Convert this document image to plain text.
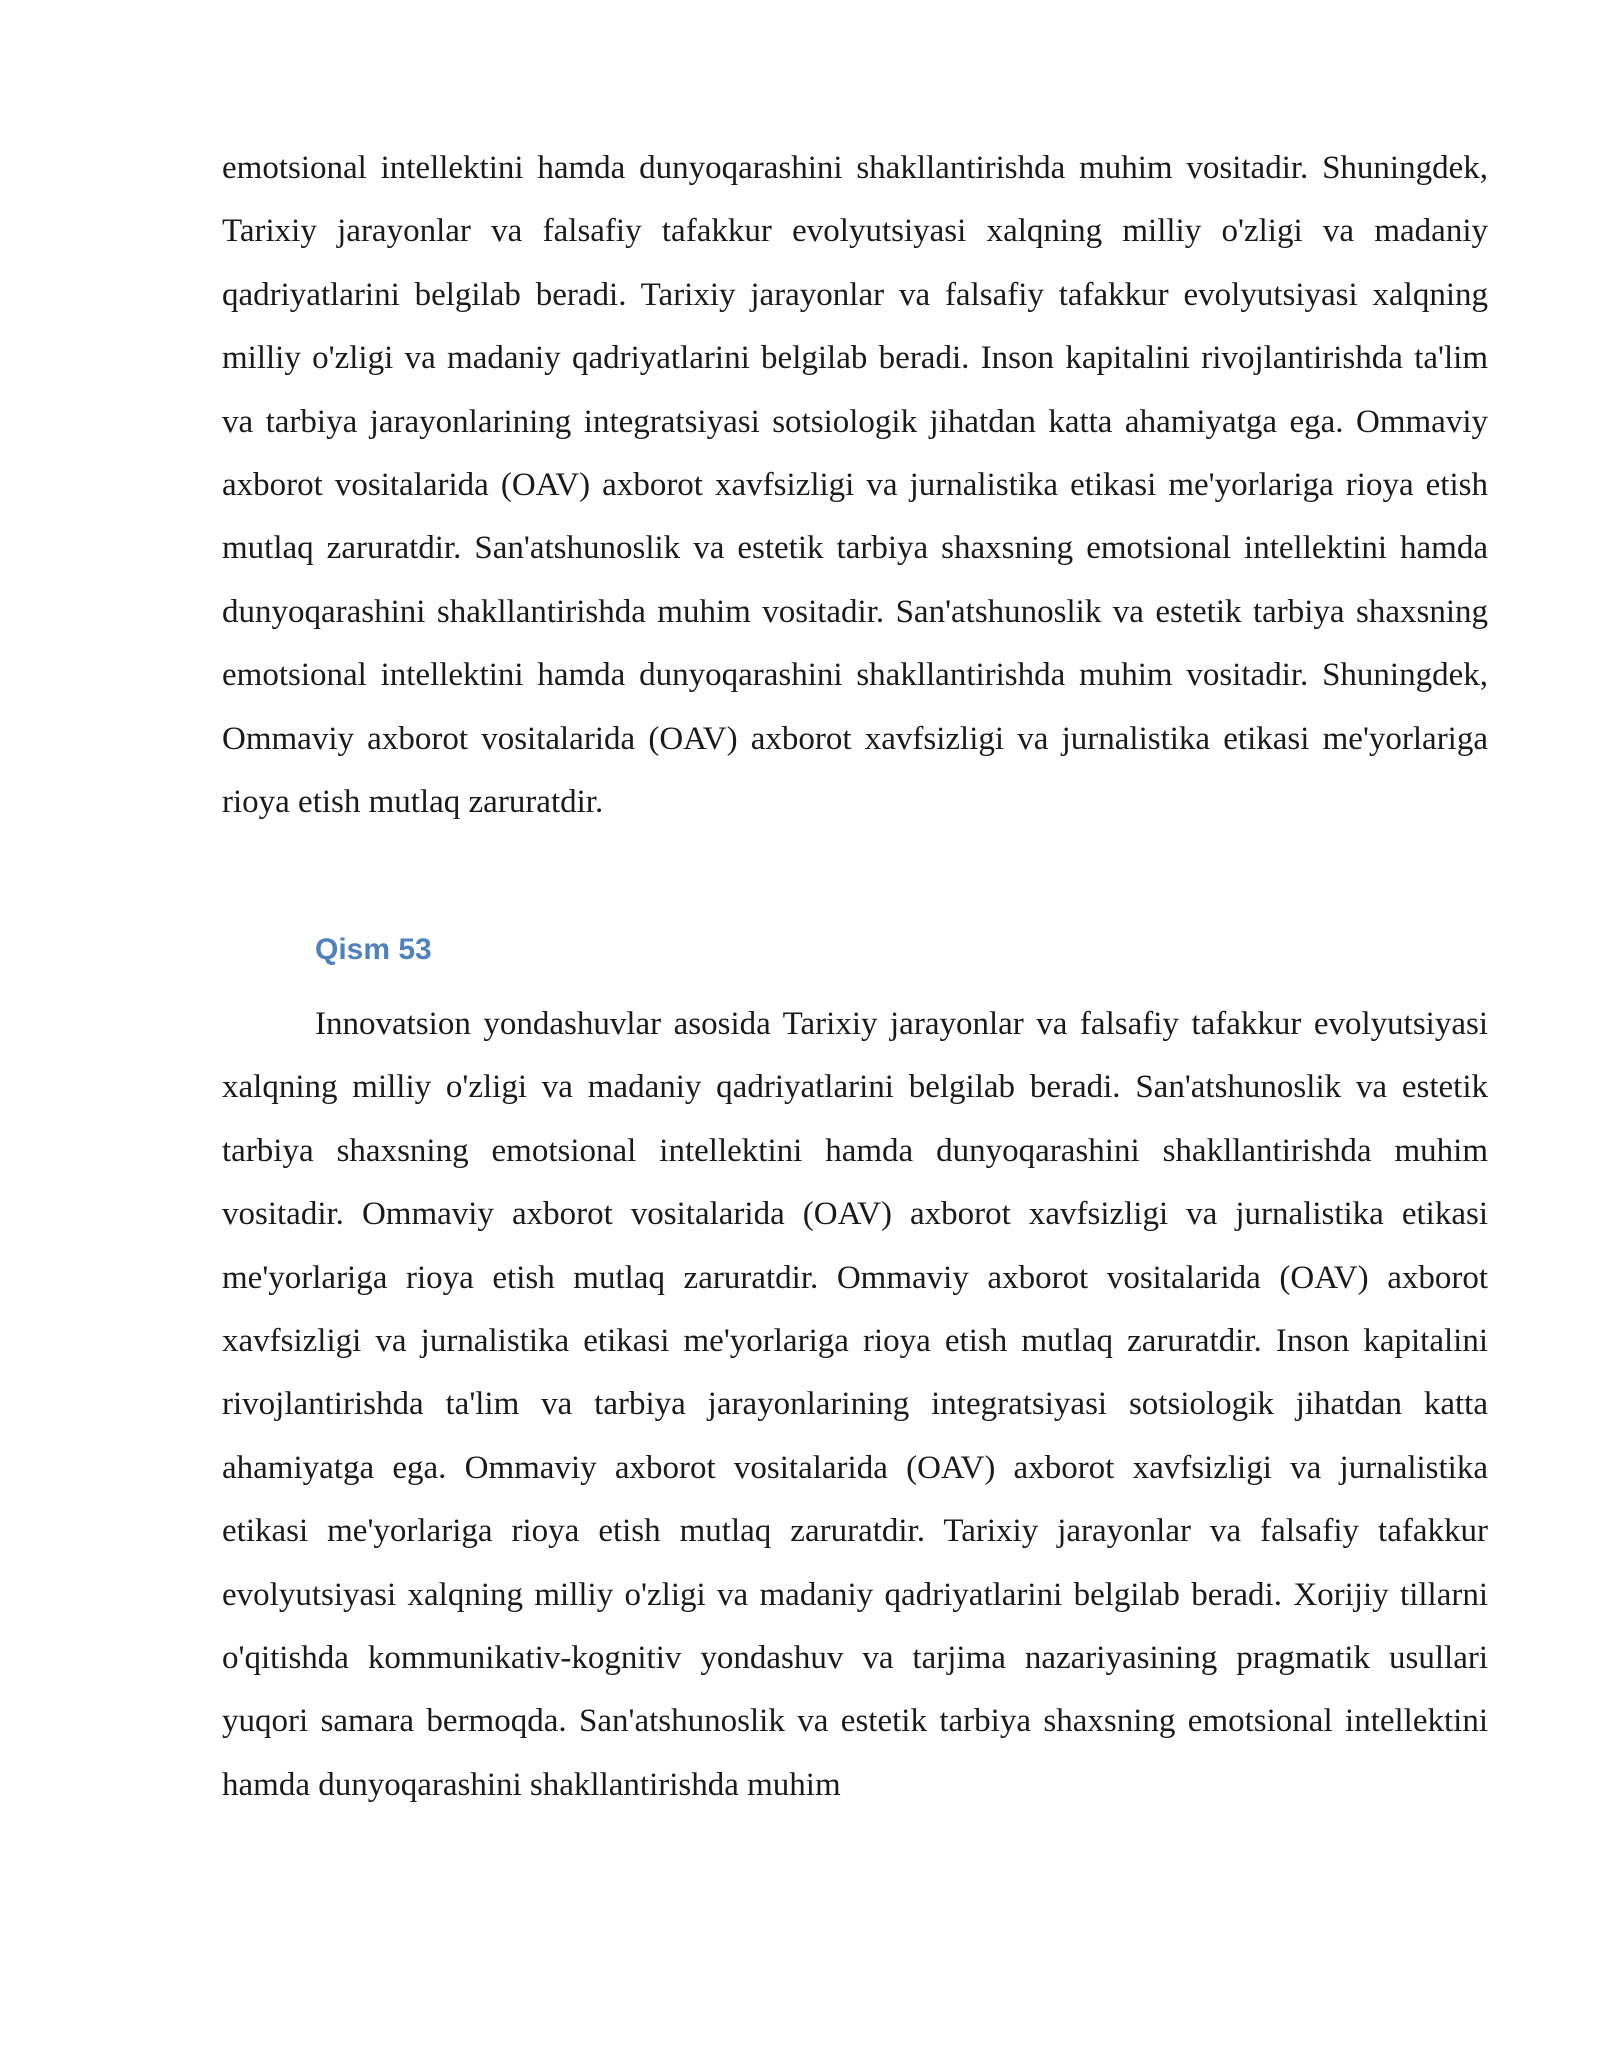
emotsional intellektini hamda dunyoqarashini shakllantirishda muhim vositadir. Shuningdek, Tarixiy jarayonlar va falsafiy tafakkur evolyutsiyasi xalqning milliy o'zligi va madaniy qadriyatlarini belgilab beradi. Tarixiy jarayonlar va falsafiy tafakkur evolyutsiyasi xalqning milliy o'zligi va madaniy qadriyatlarini belgilab beradi. Inson kapitalini rivojlantirishda ta'lim va tarbiya jarayonlarining integratsiyasi sotsiologik jihatdan katta ahamiyatga ega. Ommaviy axborot vositalarida (OAV) axborot xavfsizligi va jurnalistika etikasi me'yorlariga rioya etish mutlaq zaruratdir. San'atshunoslik va estetik tarbiya shaxsning emotsional intellektini hamda dunyoqarashini shakllantirishda muhim vositadir. San'atshunoslik va estetik tarbiya shaxsning emotsional intellektini hamda dunyoqarashini shakllantirishda muhim vositadir. Shuningdek, Ommaviy axborot vositalarida (OAV) axborot xavfsizligi va jurnalistika etikasi me'yorlariga rioya etish mutlaq zaruratdir.

Qism 53

Innovatsion yondashuvlar asosida Tarixiy jarayonlar va falsafiy tafakkur evolyutsiyasi xalqning milliy o'zligi va madaniy qadriyatlarini belgilab beradi. San'atshunoslik va estetik tarbiya shaxsning emotsional intellektini hamda dunyoqarashini shakllantirishda muhim vositadir. Ommaviy axborot vositalarida (OAV) axborot xavfsizligi va jurnalistika etikasi me'yorlariga rioya etish mutlaq zaruratdir. Ommaviy axborot vositalarida (OAV) axborot xavfsizligi va jurnalistika etikasi me'yorlariga rioya etish mutlaq zaruratdir. Inson kapitalini rivojlantirishda ta'lim va tarbiya jarayonlarining integratsiyasi sotsiologik jihatdan katta ahamiyatga ega. Ommaviy axborot vositalarida (OAV) axborot xavfsizligi va jurnalistika etikasi me'yorlariga rioya etish mutlaq zaruratdir. Tarixiy jarayonlar va falsafiy tafakkur evolyutsiyasi xalqning milliy o'zligi va madaniy qadriyatlarini belgilab beradi. Xorijiy tillarni o'qitishda kommunikativ-kognitiv yondashuv va tarjima nazariyasining pragmatik usullari yuqori samara bermoqda. San'atshunoslik va estetik tarbiya shaxsning emotsional intellektini hamda dunyoqarashini shakllantirishda muhim
